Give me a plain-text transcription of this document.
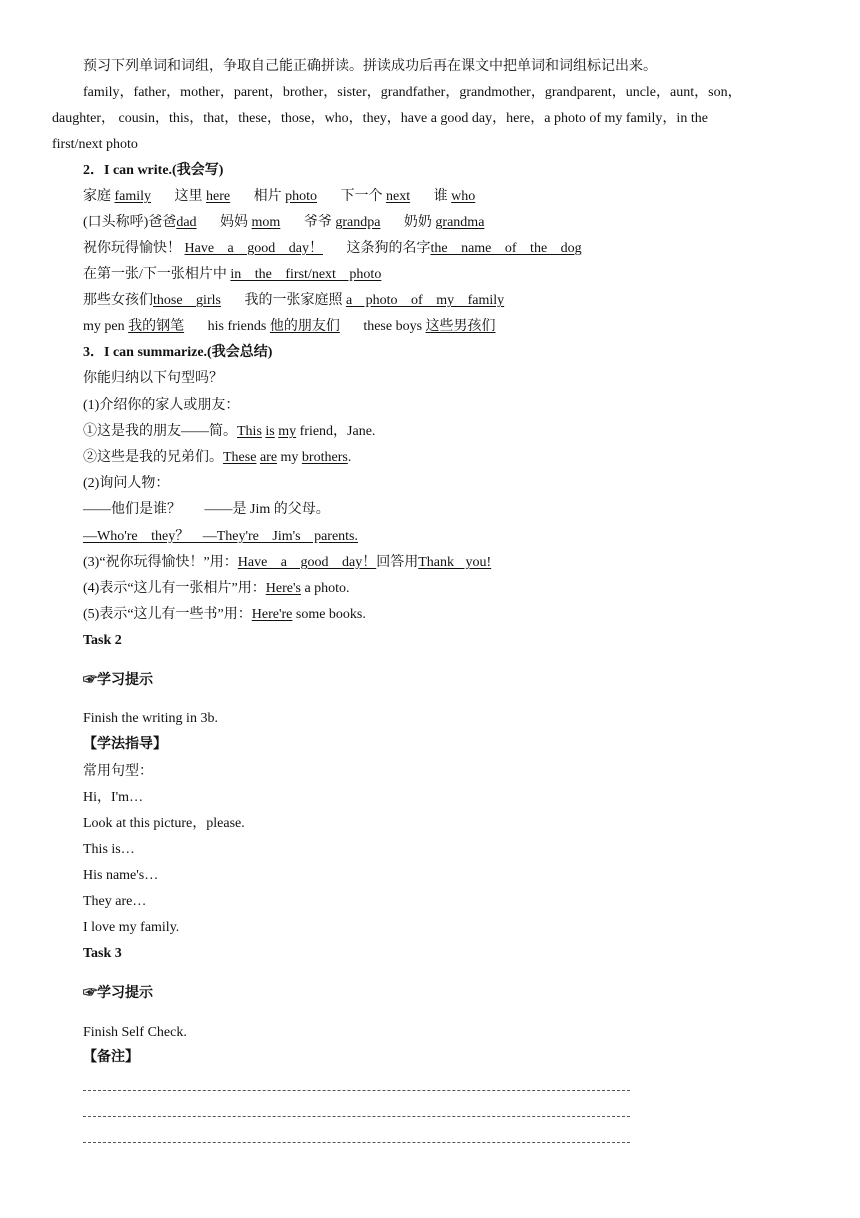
预习下列单词和词组，争取自己能正确拼读。拼读成功后再在课文中把单词和词组标记出来。
family，father，mother，parent，brother，sister，grandfather，grandmother，grandparent，uncle，aunt，son，
daughter， cousin，this，that，these，those，who，they，have a good day，here，a photo of my family，in the
first/next photo
2．I can write.(我会写)
家庭 family 这里 here 相片 photo 下一个 next 谁 who
(口头称呼)爸爸dad 妈妈 mom 爷爷 grandpa 奶奶 grandma
祝你玩得愉快！ Have a good day！ 这条狗的名字the name of the dog
在第一张/下一张相片中 in the first/next photo
那些女孩们those girls 我的一张家庭照 a photo of my family
my pen 我的钢笔 his friends 他的朋友们 these boys 这些男孩们
3．I can summarize.(我会总结)
你能归纳以下句型吗？
(1)介绍你的家人或朋友：
①这是我的朋友——简。This is my friend，Jane.
②这些是我的兄弟们。These are my brothers.
(2)询问人物：
——他们是谁？ ——是 Jim 的父母。
—Who're they？ —They're Jim's parents.
(3)“祝你玩得愉快！”用：Have a good day！回答用Thank you!
(4)表示“这儿有一张相片”用：Here's a photo.
(5)表示“这儿有一些书”用：Here're some books.
Task 2
☞学习提示
Finish the writing in 3b.
【学法指导】
常用句型：
Hi，I'm…
Look at this picture，please.
This is…
His name's…
They are…
I love my family.
Task 3
☞学习提示
Finish Self Check.
【备注】
